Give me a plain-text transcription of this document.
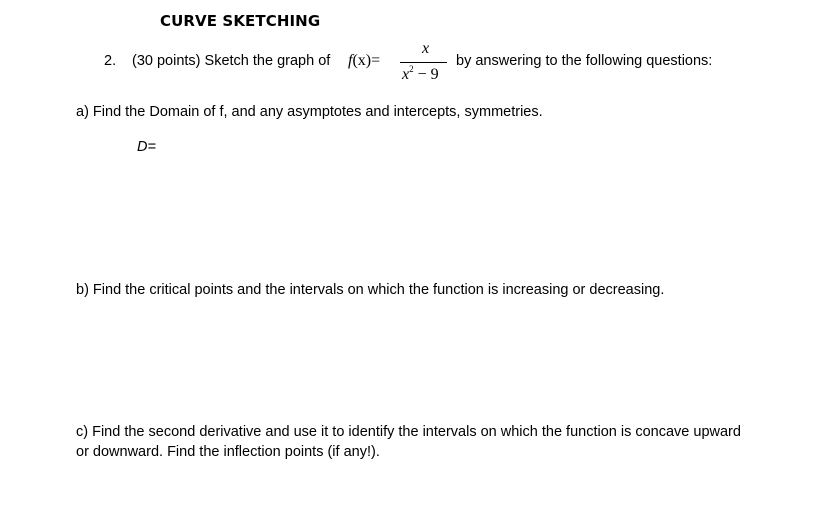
CURVE SKETCHING
2. (30 points) Sketch the graph of f(x)=
x
$x^2 - 9$
by answering to the following questions:
a) Find the Domain of f, and any asymptotes and intercepts, symmetries.
D=
b) Find the critical points and the intervals on which the function is increasing or decreasing.
c) Find the second derivative and use it to identify the intervals on which the function is concave upward
or downward. Find the inflection points (if any!).
